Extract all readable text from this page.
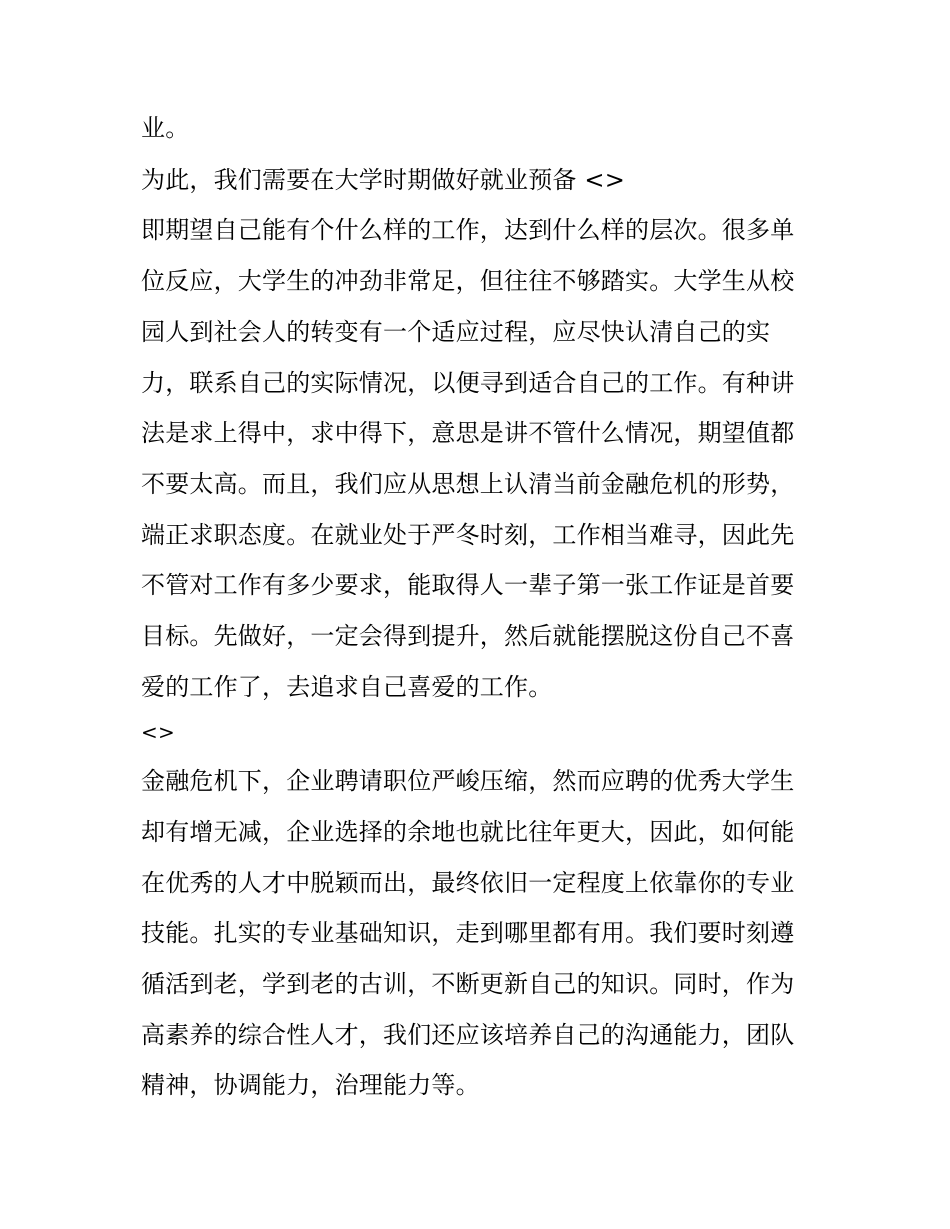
业。
为此，我们需要在大学时期做好就业预备 <>
即期望自己能有个什么样的工作，达到什么样的层次。很多单
位反应，大学生的冲劲非常足，但往往不够踏实。大学生从校
园人到社会人的转变有一个适应过程，应尽快认清自己的实
力，联系自己的实际情况，以便寻到适合自己的工作。有种讲
法是求上得中，求中得下，意思是讲不管什么情况，期望值都
不要太高。而且，我们应从思想上认清当前金融危机的形势，
端正求职态度。在就业处于严冬时刻，工作相当难寻，因此先
不管对工作有多少要求，能取得人一辈子第一张工作证是首要
目标。先做好，一定会得到提升，然后就能摆脱这份自己不喜
爱的工作了，去追求自己喜爱的工作。
<>
金融危机下，企业聘请职位严峻压缩，然而应聘的优秀大学生
却有增无减，企业选择的余地也就比往年更大，因此，如何能
在优秀的人才中脱颖而出，最终依旧一定程度上依靠你的专业
技能。扎实的专业基础知识，走到哪里都有用。我们要时刻遵
循活到老，学到老的古训，不断更新自己的知识。同时，作为
高素养的综合性人才，我们还应该培养自己的沟通能力，团队
精神，协调能力，治理能力等。
